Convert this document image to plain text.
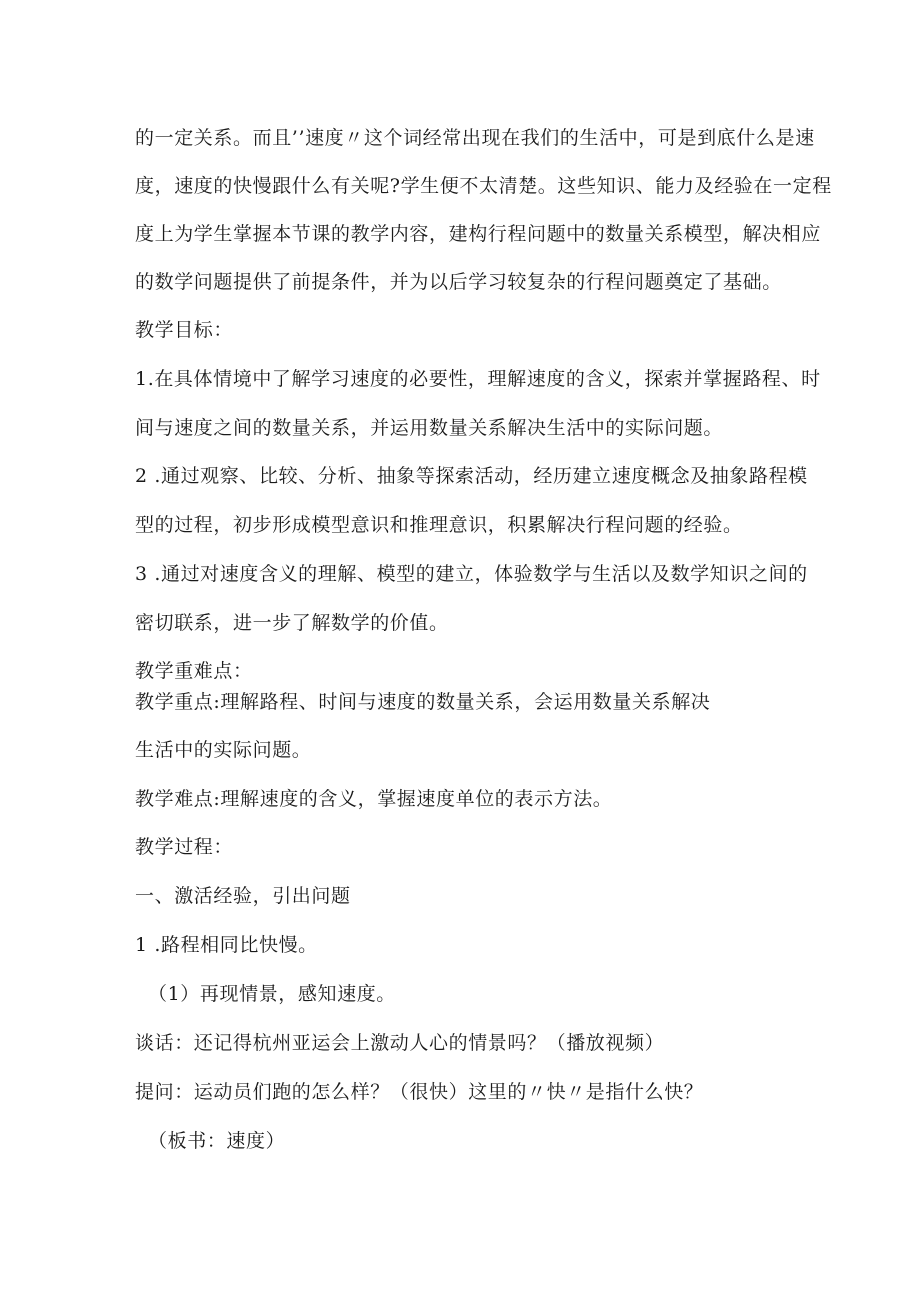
的一定关系。而且’’速度〃这个词经常出现在我们的生活中，可是到底什么是速
度，速度的快慢跟什么有关呢?学生便不太清楚。这些知识、能力及经验在一定程
度上为学生掌握本节课的教学内容，建构行程问题中的数量关系模型，解决相应
的数学问题提供了前提条件，并为以后学习较复杂的行程问题奠定了基础。
教学目标：
1.在具体情境中了解学习速度的必要性，理解速度的含义，探索并掌握路程、时
间与速度之间的数量关系，并运用数量关系解决生活中的实际问题。
2 .通过观察、比较、分析、抽象等探索活动，经历建立速度概念及抽象路程模
型的过程，初步形成模型意识和推理意识，积累解决行程问题的经验。
3 .通过对速度含义的理解、模型的建立，体验数学与生活以及数学知识之间的
密切联系，进一步了解数学的价值。
教学重难点：
教学重点:理解路程、时间与速度的数量关系，会运用数量关系解决
生活中的实际问题。
教学难点:理解速度的含义，掌握速度单位的表示方法。
教学过程：
一、激活经验，引出问题
1 .路程相同比快慢。
（1）再现情景，感知速度。
谈话：还记得杭州亚运会上激动人心的情景吗？（播放视频）
提问：运动员们跑的怎么样？（很快）这里的〃快〃是指什么快？
（板书：速度）
